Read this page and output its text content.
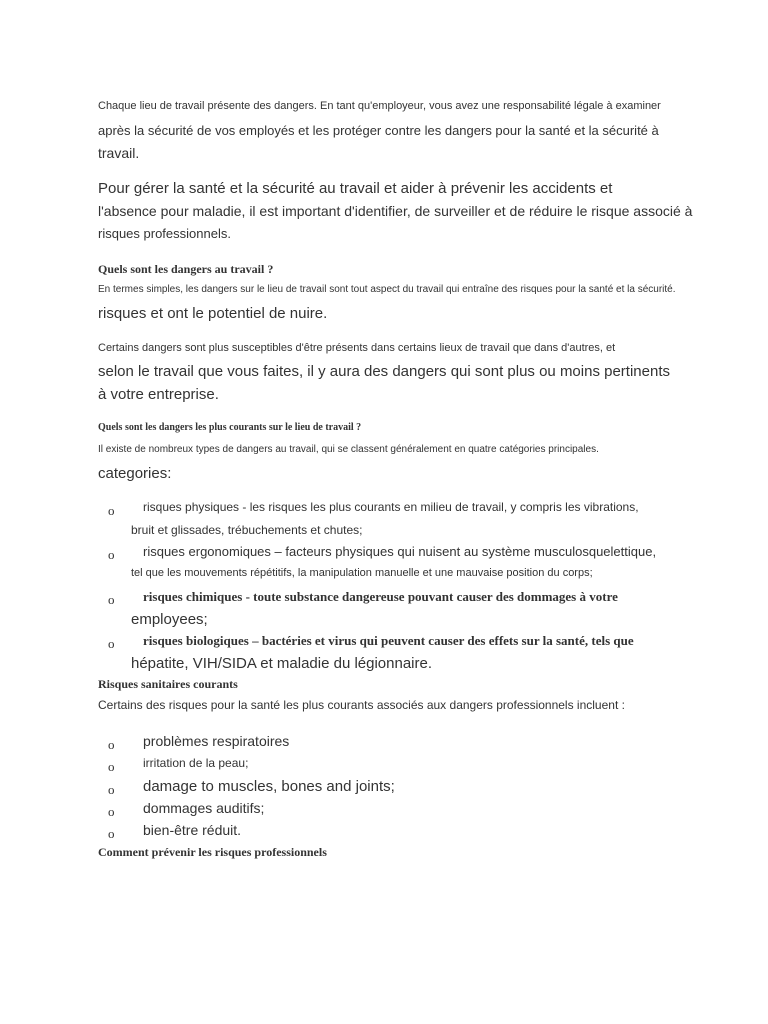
Chaque lieu de travail présente des dangers. En tant qu'employeur, vous avez une responsabilité légale à examiner
après la sécurité de vos employés et les protéger contre les dangers pour la santé et la sécurité à
travail.
Pour gérer la santé et la sécurité au travail et aider à prévenir les accidents et
l'absence pour maladie, il est important d'identifier, de surveiller et de réduire le risque associé à
risques professionnels.
Quels sont les dangers au travail ?
En termes simples, les dangers sur le lieu de travail sont tout aspect du travail qui entraîne des risques pour la santé et la sécurité.
risques et ont le potentiel de nuire.
Certains dangers sont plus susceptibles d'être présents dans certains lieux de travail que dans d'autres, et
selon le travail que vous faites, il y aura des dangers qui sont plus ou moins pertinents
à votre entreprise.
Quels sont les dangers les plus courants sur le lieu de travail ?
Il existe de nombreux types de dangers au travail, qui se classent généralement en quatre catégories principales.
categories:
o risques physiques - les risques les plus courants en milieu de travail, y compris les vibrations,
bruit et glissades, trébuchements et chutes;
o risques ergonomiques – facteurs physiques qui nuisent au système musculosquelettique,
tel que les mouvements répétitifs, la manipulation manuelle et une mauvaise position du corps;
o risques chimiques - toute substance dangereuse pouvant causer des dommages à votre
employees;
o risques biologiques – bactéries et virus qui peuvent causer des effets sur la santé, tels que
hépatite, VIH/SIDA et maladie du légionnaire.
Risques sanitaires courants
Certains des risques pour la santé les plus courants associés aux dangers professionnels incluent :
o problèmes respiratoires
o irritation de la peau;
o damage to muscles, bones and joints;
o dommages auditifs;
o bien-être réduit.
Comment prévenir les risques professionnels
